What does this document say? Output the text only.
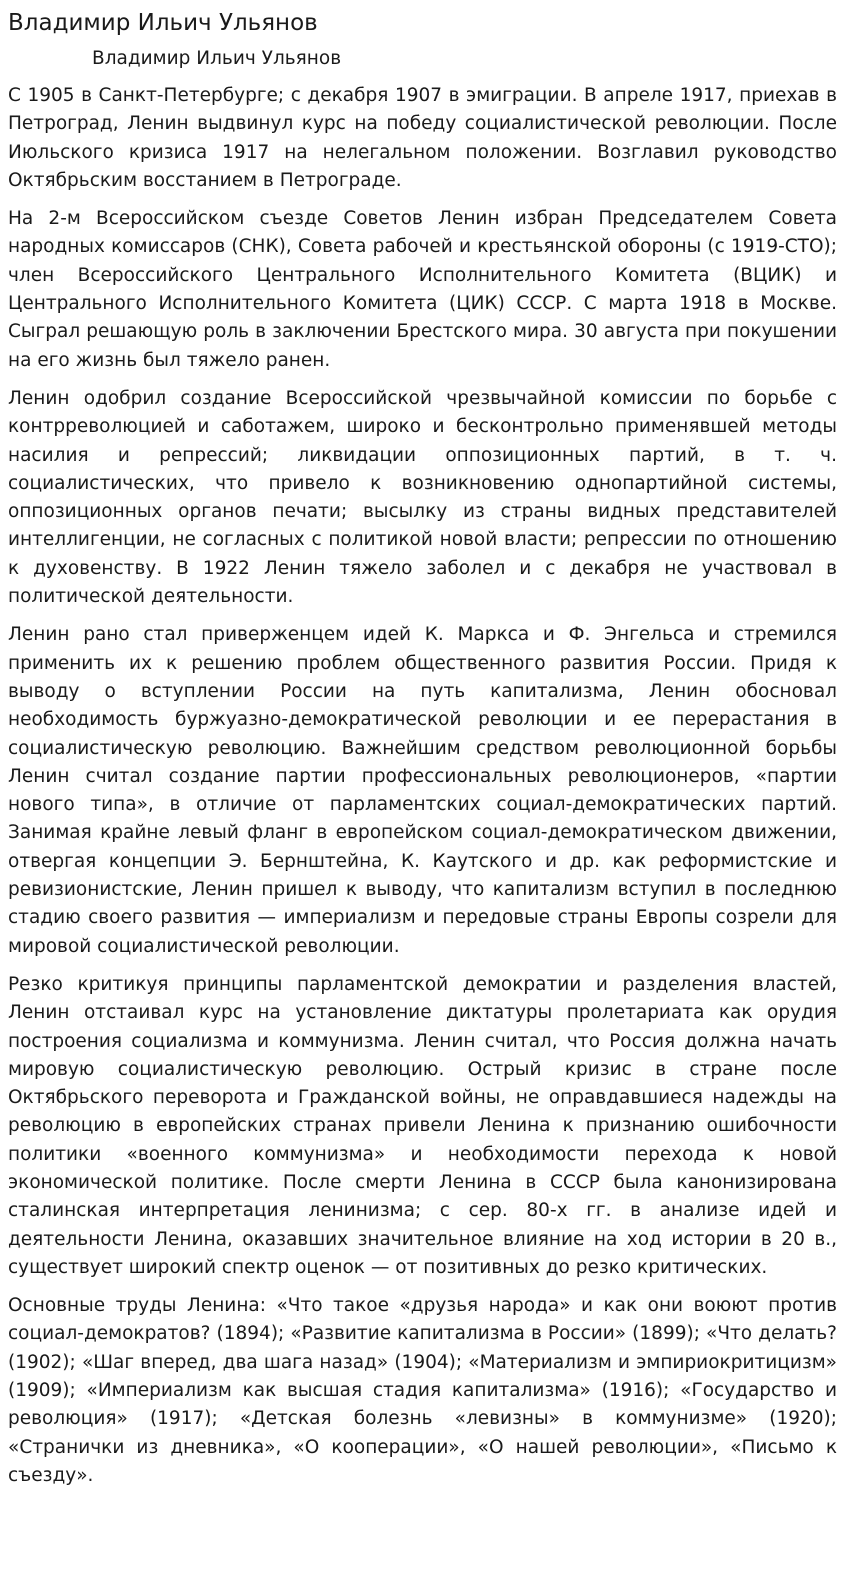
Владимир Ильич Ульянов
Владимир Ильич Ульянов

С 1905 в Санкт-Петербурге; с декабря 1907 в эмиграции. В апреле 1917, приехав в Петроград, Ленин выдвинул курс на победу социалистической революции. После Июльского кризиса 1917 на нелегальном положении. Возглавил руководство Октябрьским восстанием в Петрограде.

На 2-м Всероссийском съезде Советов Ленин избран Председателем Совета народных комиссаров (СНК), Совета рабочей и крестьянской обороны (с 1919-СТО); член Всероссийского Центрального Исполнительного Комитета (ВЦИК) и Центрального Исполнительного Комитета (ЦИК) СССР. С марта 1918 в Москве. Сыграл решающую роль в заключении Брестского мира. 30 августа при покушении на его жизнь был тяжело ранен.

Ленин одобрил создание Всероссийской чрезвычайной комиссии по борьбе с контрреволюцией и саботажем, широко и бесконтрольно применявшей методы насилия и репрессий; ликвидации оппозиционных партий, в т. ч. социалистических, что привело к возникновению однопартийной системы, оппозиционных органов печати; высылку из страны видных представителей интеллигенции, не согласных с политикой новой власти; репрессии по отношению к духовенству. В 1922 Ленин тяжело заболел и с декабря не участвовал в политической деятельности.

Ленин рано стал приверженцем идей К. Маркса и Ф. Энгельса и стремился применить их к решению проблем общественного развития России. Придя к выводу о вступлении России на путь капитализма, Ленин обосновал необходимость буржуазно-демократической революции и ее перерастания в социалистическую революцию. Важнейшим средством революционной борьбы Ленин считал создание партии профессиональных революционеров, «партии нового типа», в отличие от парламентских социал-демократических партий. Занимая крайне левый фланг в европейском социал-демократическом движении, отвергая концепции Э. Бернштейна, К. Каутского и др. как реформистские и ревизионистские, Ленин пришел к выводу, что капитализм вступил в последнюю стадию своего развития — империализм и передовые страны Европы созрели для мировой социалистической революции.

Резко критикуя принципы парламентской демократии и разделения властей, Ленин отстаивал курс на установление диктатуры пролетариата как орудия построения социализма и коммунизма. Ленин считал, что Россия должна начать мировую социалистическую революцию. Острый кризис в стране после Октябрьского переворота и Гражданской войны, не оправдавшиеся надежды на революцию в европейских странах привели Ленина к признанию ошибочности политики «военного коммунизма» и необходимости перехода к новой экономической политике. После смерти Ленина в СССР была канонизирована сталинская интерпретация ленинизма; с сер. 80-х гг. в анализе идей и деятельности Ленина, оказавших значительное влияние на ход истории в 20 в., существует широкий спектр оценок — от позитивных до резко критических.

Основные труды Ленина: «Что такое «друзья народа» и как они воюют против социал-демократов? (1894); «Развитие капитализма в России» (1899); «Что делать? (1902); «Шаг вперед, два шага назад» (1904); «Материализм и эмпириокритицизм» (1909); «Империализм как высшая стадия капитализма» (1916); «Государство и революция» (1917); «Детская болезнь «левизны» в коммунизме» (1920); «Странички из дневника», «О кооперации», «О нашей революции», «Письмо к съезду».
